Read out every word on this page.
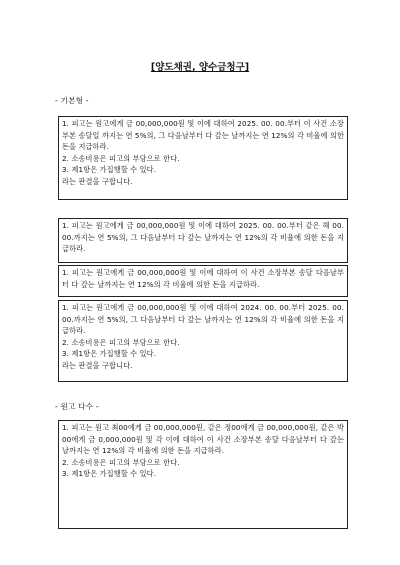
[양도채권, 양수금청구]
- 기본형 -

1. 피고는 원고에게 금 00,000,000원 및 이에 대하여 2025. 00. 00.부터 이 사건 소장부본 송달일 까지는 연 5%의, 그 다음날부터 다 갚는 날까지는 연 12%의 각 비율에 의한 돈을 지급하라.

2. 소송비용은 피고의 부담으로 한다.

3. 제1항은 가집행할 수 있다.

라는 판결을 구합니다.

1. 피고는 원고에게 금 00,000,000원 및 이에 대하여 2025. 00. 00.부터 같은 해 00. 00.까지는 연 5%의, 그 다음날부터 다 갚는 날까지는 연 12%의 각 비율에 의한 돈을 지급하라.

1. 피고는 원고에게 금 00,000,000원 및 이에 대하여 이 사건 소장부본 송달 다음날부터 다 갚는 날까지는 연 12%의 각 비율에 의한 돈을 지급하라.

1. 피고는 원고에게 금 00,000,000원 및 이에 대하여 2024. 00. 00.부터 2025. 00. 00.까지는 연 5%의, 그 다음날부터 다 갚는 날까지는 연 12%의 각 비율에 의한 돈을 지급하라.

2. 소송비용은 피고의 부담으로 한다.

3. 제1항은 가집행할 수 있다.

라는 판결을 구합니다.

- 원고 다수 -

1. 피고는 원고 최00에게 금 00,000,000원, 같은 정00에게 금 00,000,000원, 같은 박00에게 금 0,000,000원 및 각 이에 대하여 이 사건 소장부본 송달 다음날부터 다 갚는 날까지는 연 12%의 각 비율에 의한 돈을 지급하라.

2. 소송비용은 피고의 부담으로 한다.

3. 제1항은 가집행할 수 있다.
